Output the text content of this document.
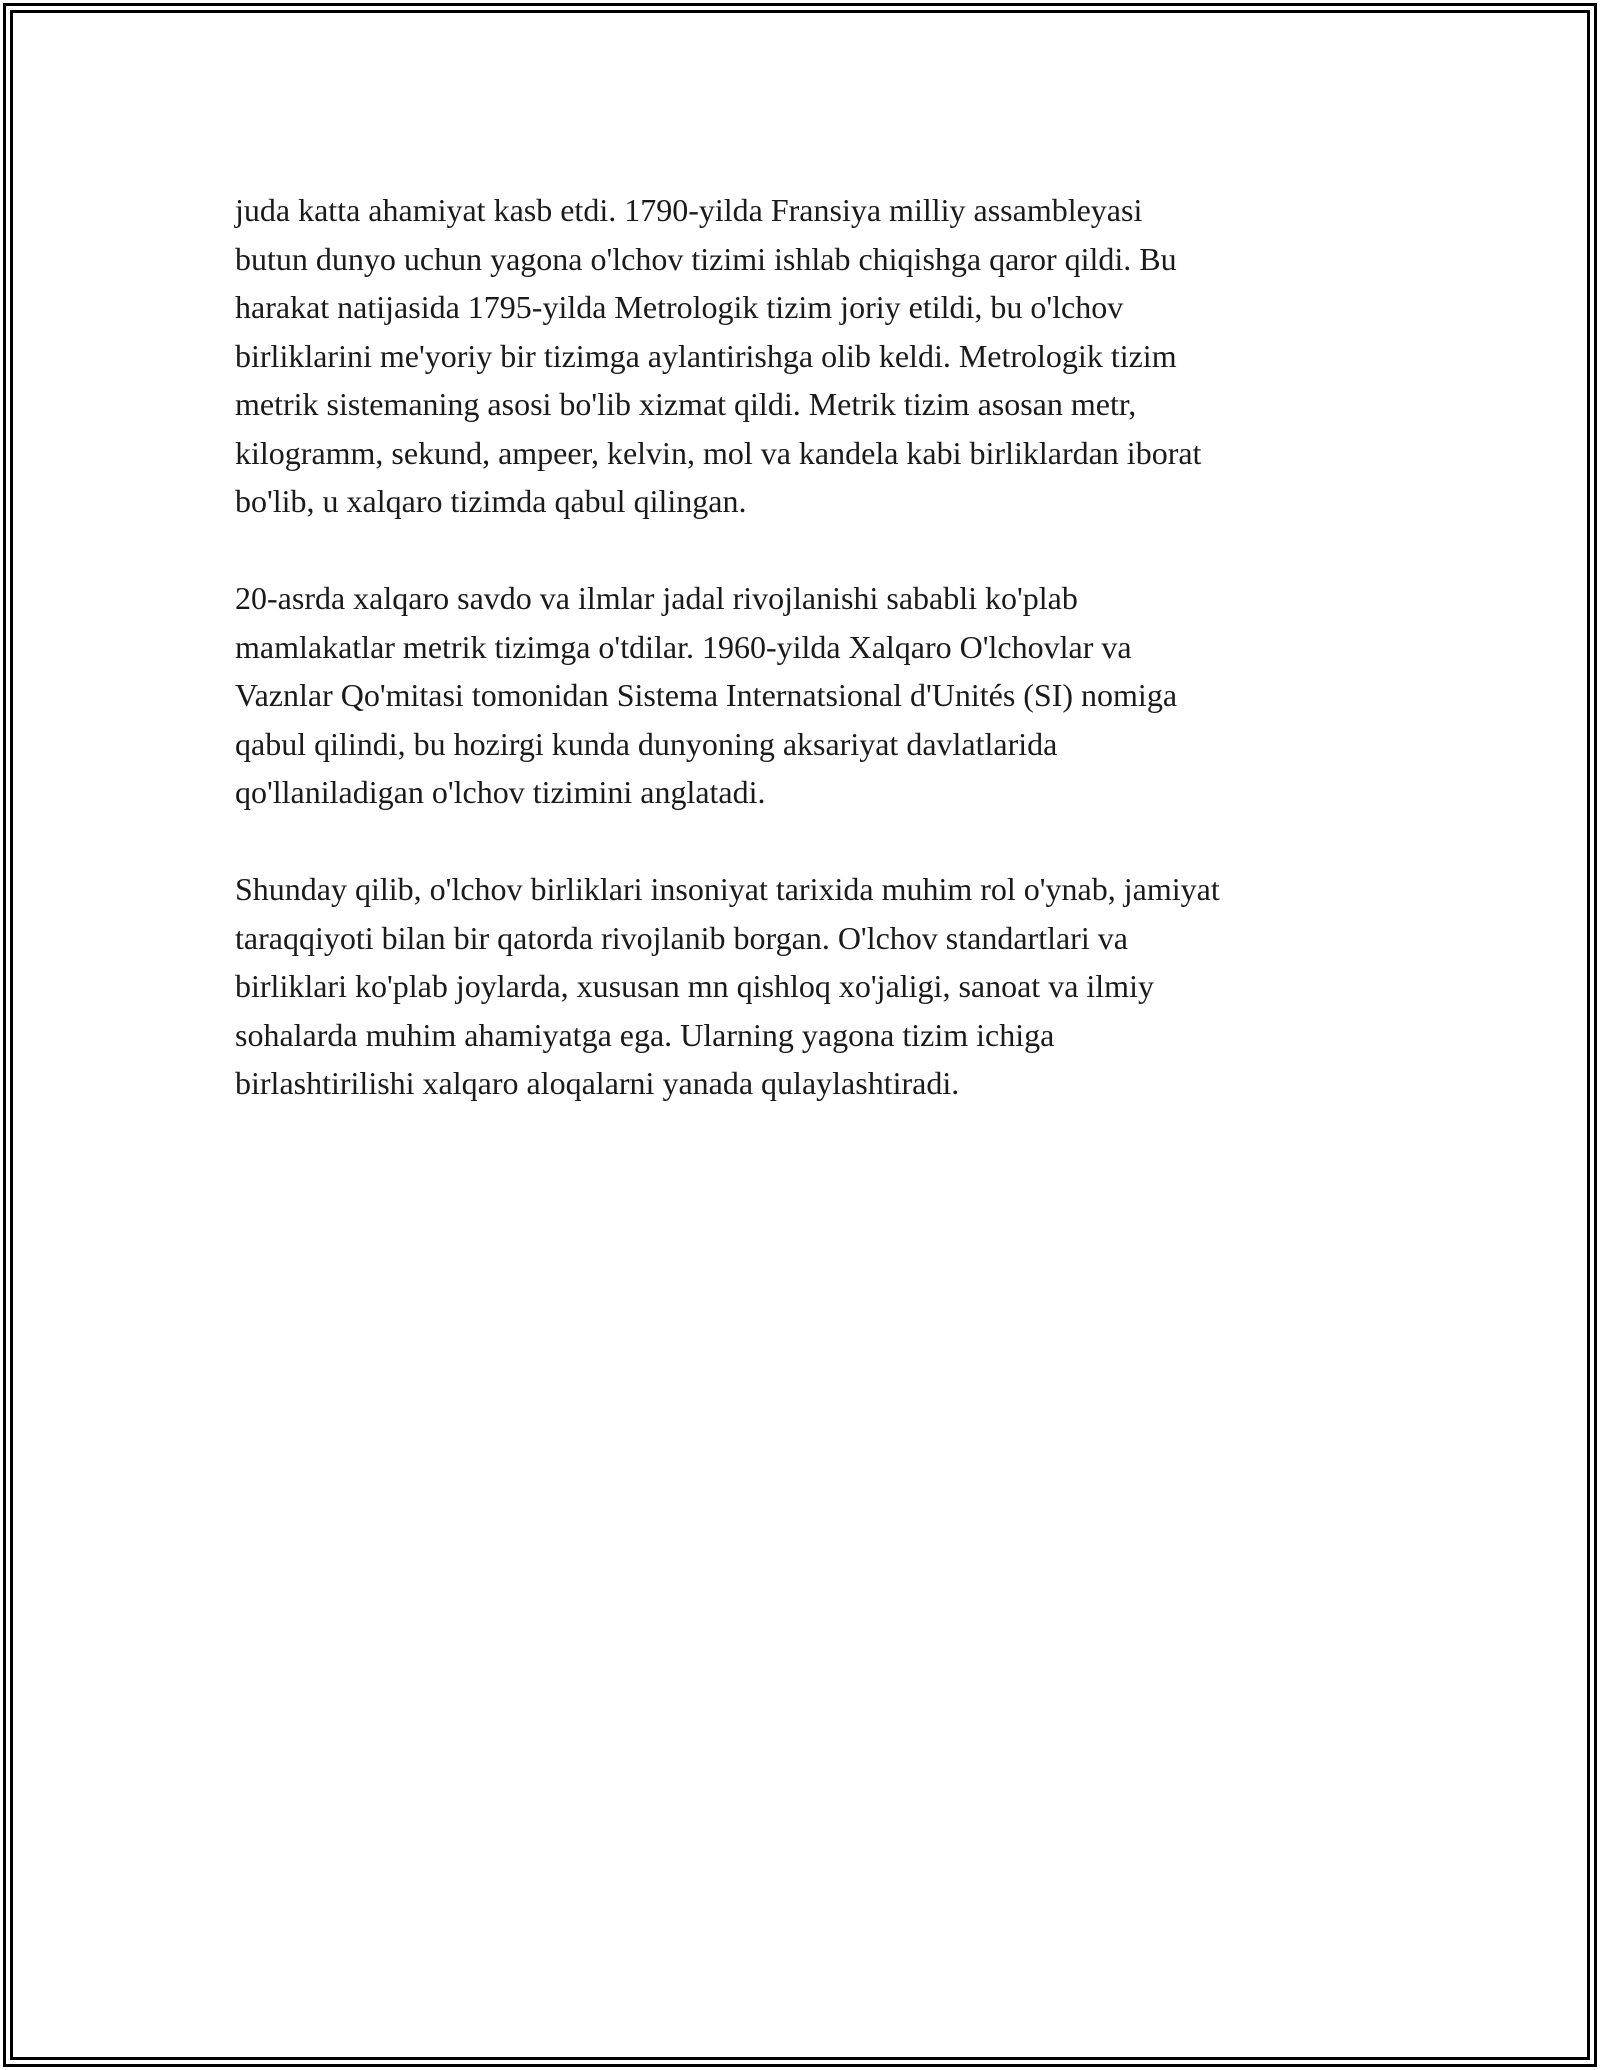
juda katta ahamiyat kasb etdi. 1790-yilda Fransiya milliy assambleyasi
butun dunyo uchun yagona o'lchov tizimi ishlab chiqishga qaror qildi. Bu
harakat natijasida 1795-yilda Metrologik tizim joriy etildi, bu o'lchov
birliklarini me'yoriy bir tizimga aylantirishga olib keldi. Metrologik tizim
metrik sistemaning asosi bo'lib xizmat qildi. Metrik tizim asosan metr,
kilogramm, sekund, ampeer, kelvin, mol va kandela kabi birliklardan iborat
bo'lib, u xalqaro tizimda qabul qilingan.

20-asrda xalqaro savdo va ilmlar jadal rivojlanishi sababli ko'plab
mamlakatlar metrik tizimga o'tdilar. 1960-yilda Xalqaro O'lchovlar va
Vaznlar Qo'mitasi tomonidan Sistema Internatsional d'Unités (SI) nomiga
qabul qilindi, bu hozirgi kunda dunyoning aksariyat davlatlarida
qo'llaniladigan o'lchov tizimini anglatadi.

Shunday qilib, o'lchov birliklari insoniyat tarixida muhim rol o'ynab, jamiyat
taraqqiyoti bilan bir qatorda rivojlanib borgan. O'lchov standartlari va
birliklari ko'plab joylarda, xususan mn qishloq xo'jaligi, sanoat va ilmiy
sohalarda muhim ahamiyatga ega. Ularning yagona tizim ichiga
birlashtirilishi xalqaro aloqalarni yanada qulaylashtiradi.
